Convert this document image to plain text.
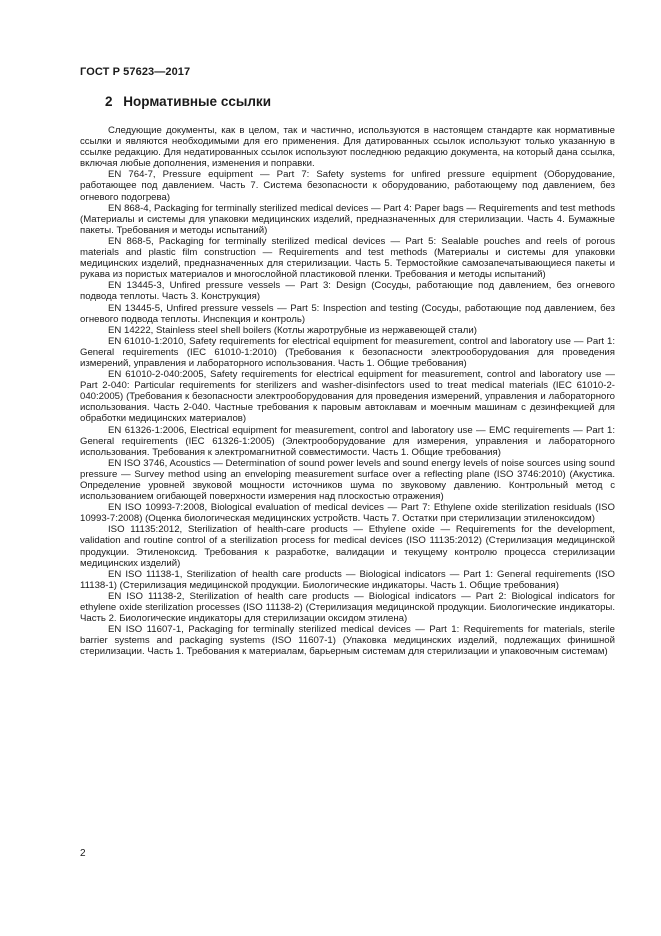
ГОСТ Р 57623—2017
2 Нормативные ссылки

Следующие документы, как в целом, так и частично, используются в настоящем стандарте как нормативные ссылки и являются необходимыми для его применения. Для датированных ссылок используют только указанную в ссылке редакцию. Для недатированных ссылок используют последнюю редакцию документа, на который дана ссылка, включая любые дополнения, изменения и поправки.

EN 764-7, Pressure equipment — Part 7: Safety systems for unfired pressure equipment (Оборудование, работающее под давлением. Часть 7. Система безопасности к оборудованию, работающему под давлением, без огневого подогрева)

EN 868-4, Packaging for terminally sterilized medical devices — Part 4: Paper bags — Requirements and test methods (Материалы и системы для упаковки медицинских изделий, предназначенных для стерилизации. Часть 4. Бумажные пакеты. Требования и методы испытаний)

EN 868-5, Packaging for terminally sterilized medical devices — Part 5: Sealable pouches and reels of porous materials and plastic film construction — Requirements and test methods (Материалы и системы для упаковки медицинских изделий, предназначенных для стерилизации. Часть 5. Термостойкие самозапечатывающиеся пакеты и рукава из пористых материалов и многослойной пластиковой пленки. Требования и методы испытаний)

EN 13445-3, Unfired pressure vessels — Part 3: Design (Сосуды, работающие под давлением, без огневого подвода теплоты. Часть 3. Конструкция)

EN 13445-5, Unfired pressure vessels — Part 5: Inspection and testing (Сосуды, работающие под давлением, без огневого подвода теплоты. Инспекция и контроль)

EN 14222, Stainless steel shell boilers (Котлы жаротрубные из нержавеющей стали)

EN 61010-1:2010, Safety requirements for electrical equipment for measurement, control and laboratory use — Part 1: General requirements (IEC 61010-1:2010) (Требования к безопасности электрооборудования для проведения измерений, управления и лабораторного использования. Часть 1. Общие требования)

EN 61010-2-040:2005, Safety requirements for electrical equipment for measurement, control and laboratory use — Part 2-040: Particular requirements for sterilizers and washer-disinfectors used to treat medical materials (IEC 61010-2-040:2005) (Требования к безопасности электрооборудования для проведения измерений, управления и лабораторного использования. Часть 2-040. Частные требования к паровым автоклавам и моечным машинам с дезинфекцией для обработки медицинских материалов)

EN 61326-1:2006, Electrical equipment for measurement, control and laboratory use — EMC requirements — Part 1: General requirements (IEC 61326-1:2005) (Электрооборудование для измерения, управления и лабораторного использования. Требования к электромагнитной совместимости. Часть 1. Общие требования)

EN ISO 3746, Acoustics — Determination of sound power levels and sound energy levels of noise sources using sound pressure — Survey method using an enveloping measurement surface over a reflecting plane (ISO 3746:2010) (Акустика. Определение уровней звуковой мощности источников шума по звуковому давлению. Контрольный метод с использованием огибающей поверхности измерения над плоскостью отражения)

EN ISO 10993-7:2008, Biological evaluation of medical devices — Part 7: Ethylene oxide sterilization residuals (ISO 10993-7:2008) (Оценка биологическая медицинских устройств. Часть 7. Остатки при стерилизации этиленоксидом)

ISO 11135:2012, Sterilization of health-care products — Ethylene oxide — Requirements for the development, validation and routine control of a sterilization process for medical devices (ISO 11135:2012) (Стерилизация медицинской продукции. Этиленоксид. Требования к разработке, валидации и текущему контролю процесса стерилизации медицинских изделий)

EN ISO 11138-1, Sterilization of health care products — Biological indicators — Part 1: General requirements (ISO 11138-1) (Стерилизация медицинской продукции. Биологические индикаторы. Часть 1. Общие требования)

EN ISO 11138-2, Sterilization of health care products — Biological indicators — Part 2: Biological indicators for ethylene oxide sterilization processes (ISO 11138-2) (Стерилизация медицинской продукции. Биологические индикаторы. Часть 2. Биологические индикаторы для стерилизации оксидом этилена)

EN ISO 11607-1, Packaging for terminally sterilized medical devices — Part 1: Requirements for materials, sterile barrier systems and packaging systems (ISO 11607-1) (Упаковка медицинских изделий, подлежащих финишной стерилизации. Часть 1. Требования к материалам, барьерным системам для стерилизации и упаковочным системам)

2
